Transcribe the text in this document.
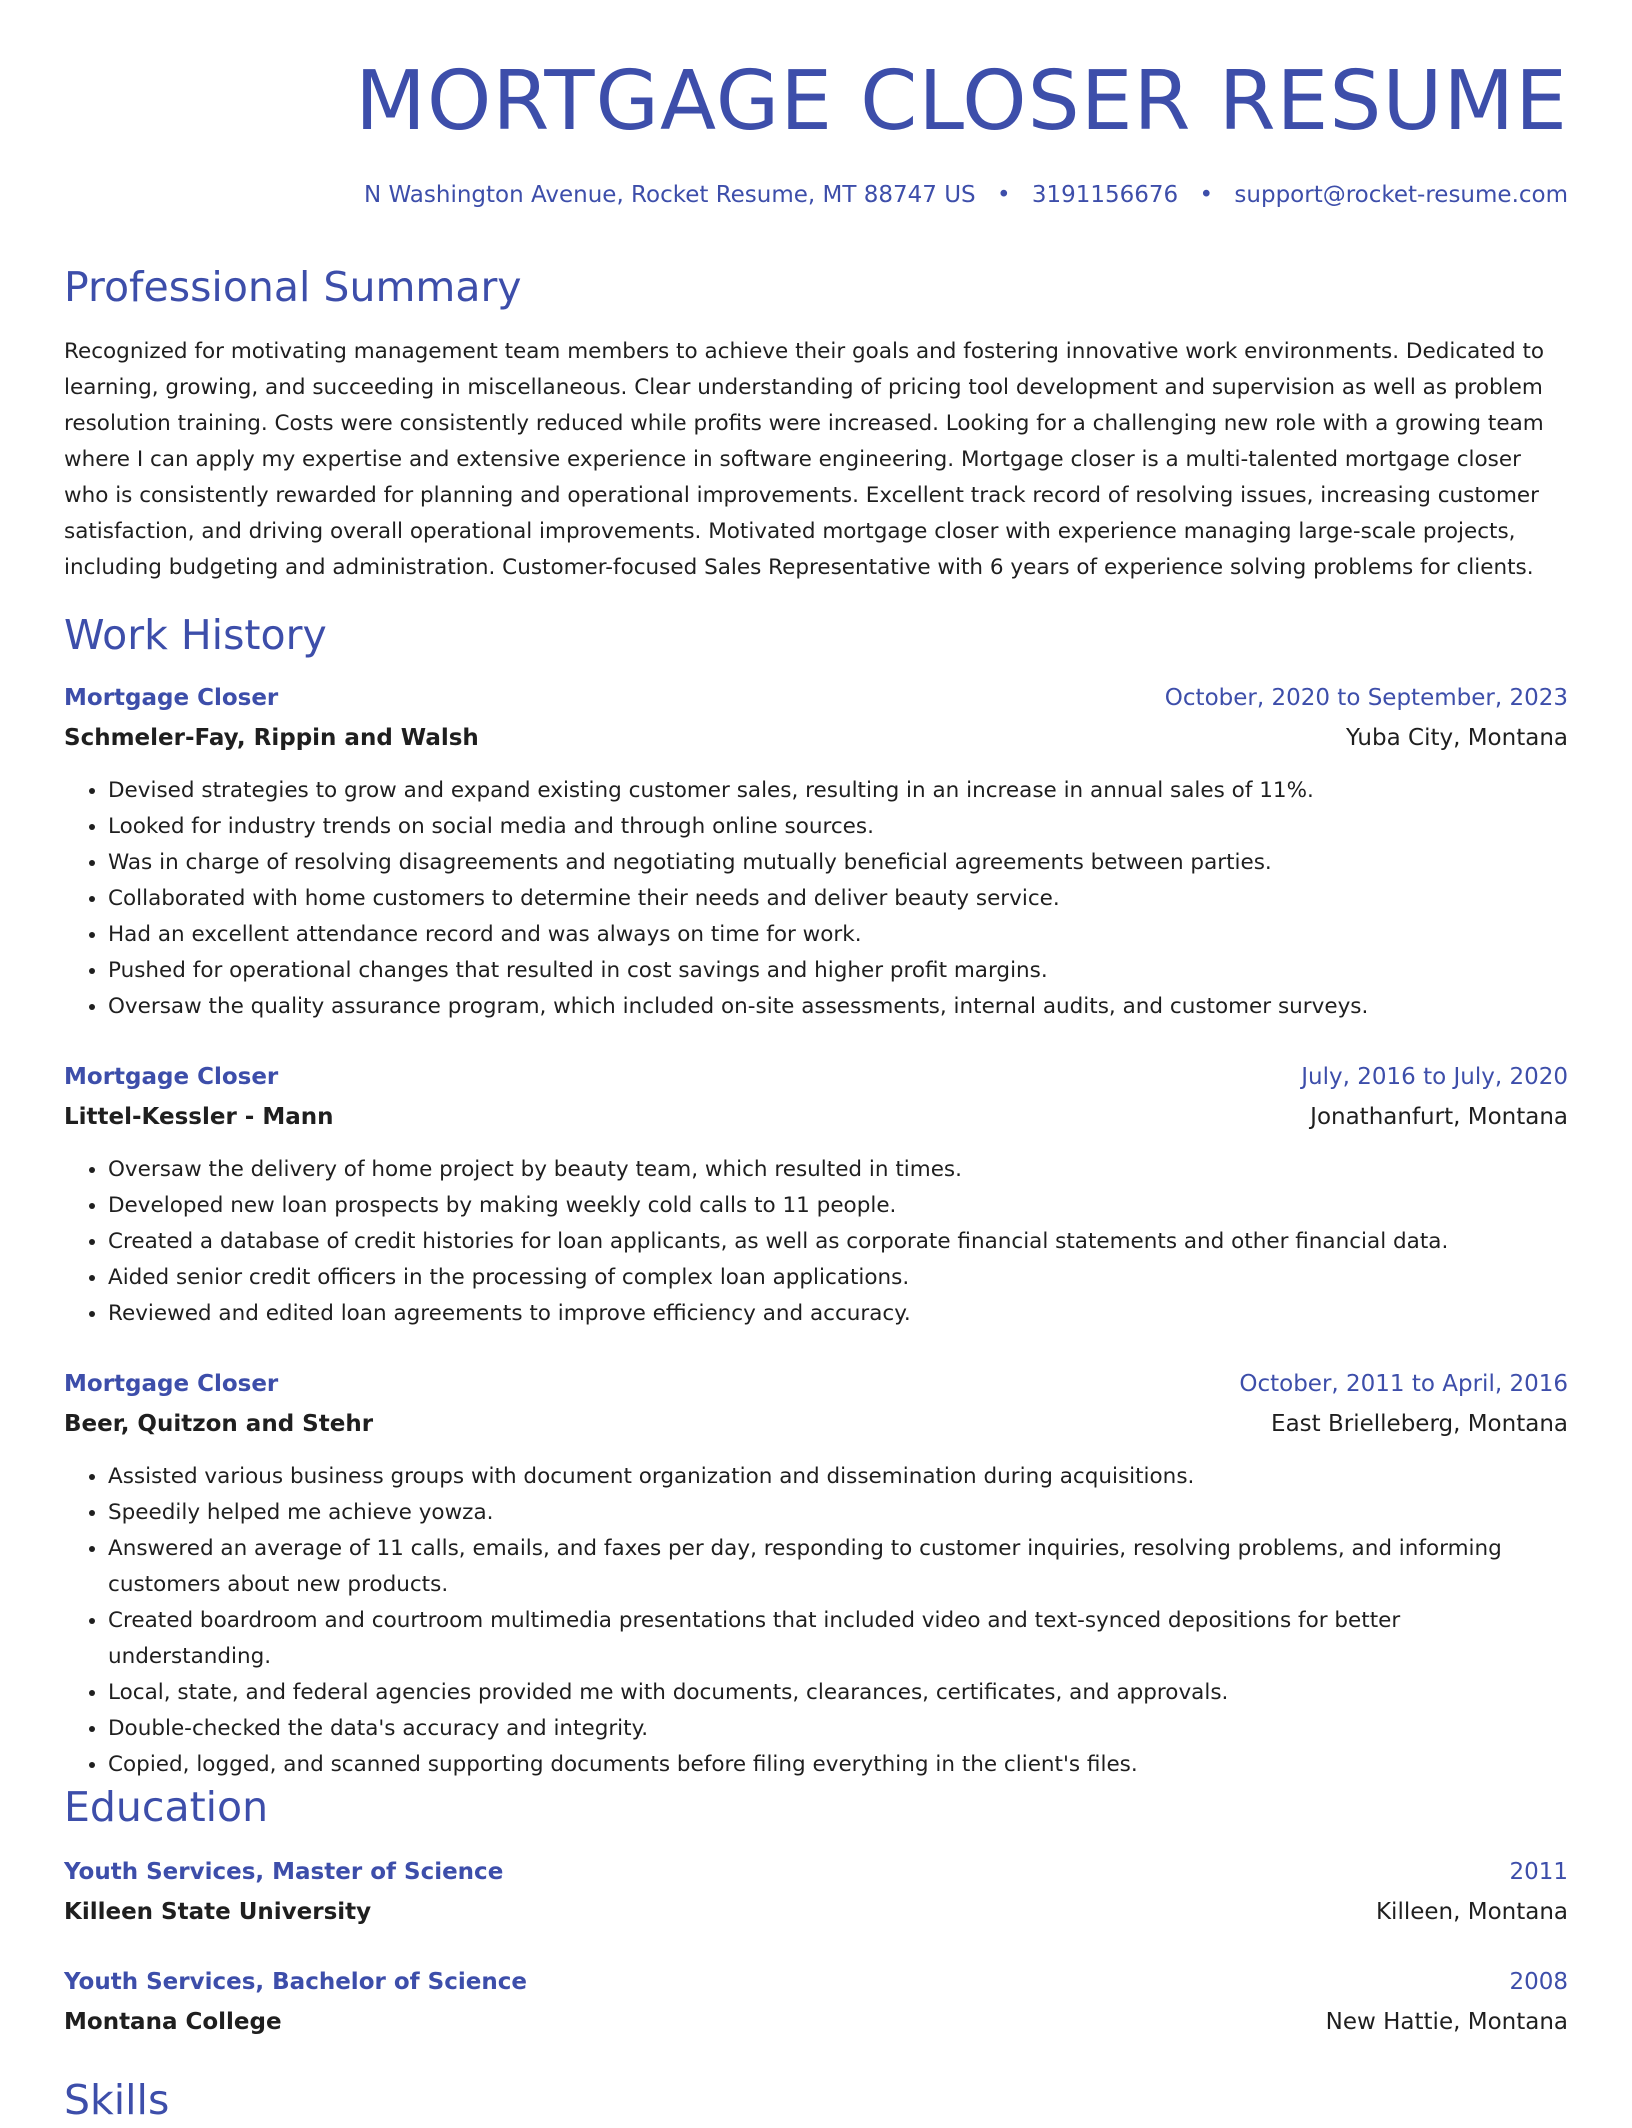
MORTGAGE CLOSER RESUME
N Washington Avenue, Rocket Resume, MT 88747 US • 3191156676 • support@rocket-resume.com
Professional Summary

Recognized for motivating management team members to achieve their goals and fostering innovative work environments. Dedicated to learning, growing, and succeeding in miscellaneous. Clear understanding of pricing tool development and supervision as well as problem resolution training. Costs were consistently reduced while profits were increased. Looking for a challenging new role with a growing team where I can apply my expertise and extensive experience in software engineering. Mortgage closer is a multi-talented mortgage closer who is consistently rewarded for planning and operational improvements. Excellent track record of resolving issues, increasing customer satisfaction, and driving overall operational improvements. Motivated mortgage closer with experience managing large-scale projects, including budgeting and administration. Customer-focused Sales Representative with 6 years of experience solving problems for clients.

Work History
Mortgage Closer	October, 2020 to September, 2023
Schmeler-Fay, Rippin and Walsh	Yuba City, Montana
• Devised strategies to grow and expand existing customer sales, resulting in an increase in annual sales of 11%.
• Looked for industry trends on social media and through online sources.
• Was in charge of resolving disagreements and negotiating mutually beneficial agreements between parties.
• Collaborated with home customers to determine their needs and deliver beauty service.
• Had an excellent attendance record and was always on time for work.
• Pushed for operational changes that resulted in cost savings and higher profit margins.
• Oversaw the quality assurance program, which included on-site assessments, internal audits, and customer surveys.
Mortgage Closer	July, 2016 to July, 2020
Littel-Kessler - Mann	Jonathanfurt, Montana
• Oversaw the delivery of home project by beauty team, which resulted in times.
• Developed new loan prospects by making weekly cold calls to 11 people.
• Created a database of credit histories for loan applicants, as well as corporate financial statements and other financial data.
• Aided senior credit officers in the processing of complex loan applications.
• Reviewed and edited loan agreements to improve efficiency and accuracy.
Mortgage Closer	October, 2011 to April, 2016
Beer, Quitzon and Stehr	East Brielleberg, Montana
• Assisted various business groups with document organization and dissemination during acquisitions.
• Speedily helped me achieve yowza.
• Answered an average of 11 calls, emails, and faxes per day, responding to customer inquiries, resolving problems, and informing customers about new products.
• Created boardroom and courtroom multimedia presentations that included video and text-synced depositions for better understanding.
• Local, state, and federal agencies provided me with documents, clearances, certificates, and approvals.
• Double-checked the data's accuracy and integrity.
• Copied, logged, and scanned supporting documents before filing everything in the client's files.
Education
Youth Services, Master of Science	2011
Killeen State University	Killeen, Montana
Youth Services, Bachelor of Science	2008
Montana College	New Hattie, Montana
Skills
